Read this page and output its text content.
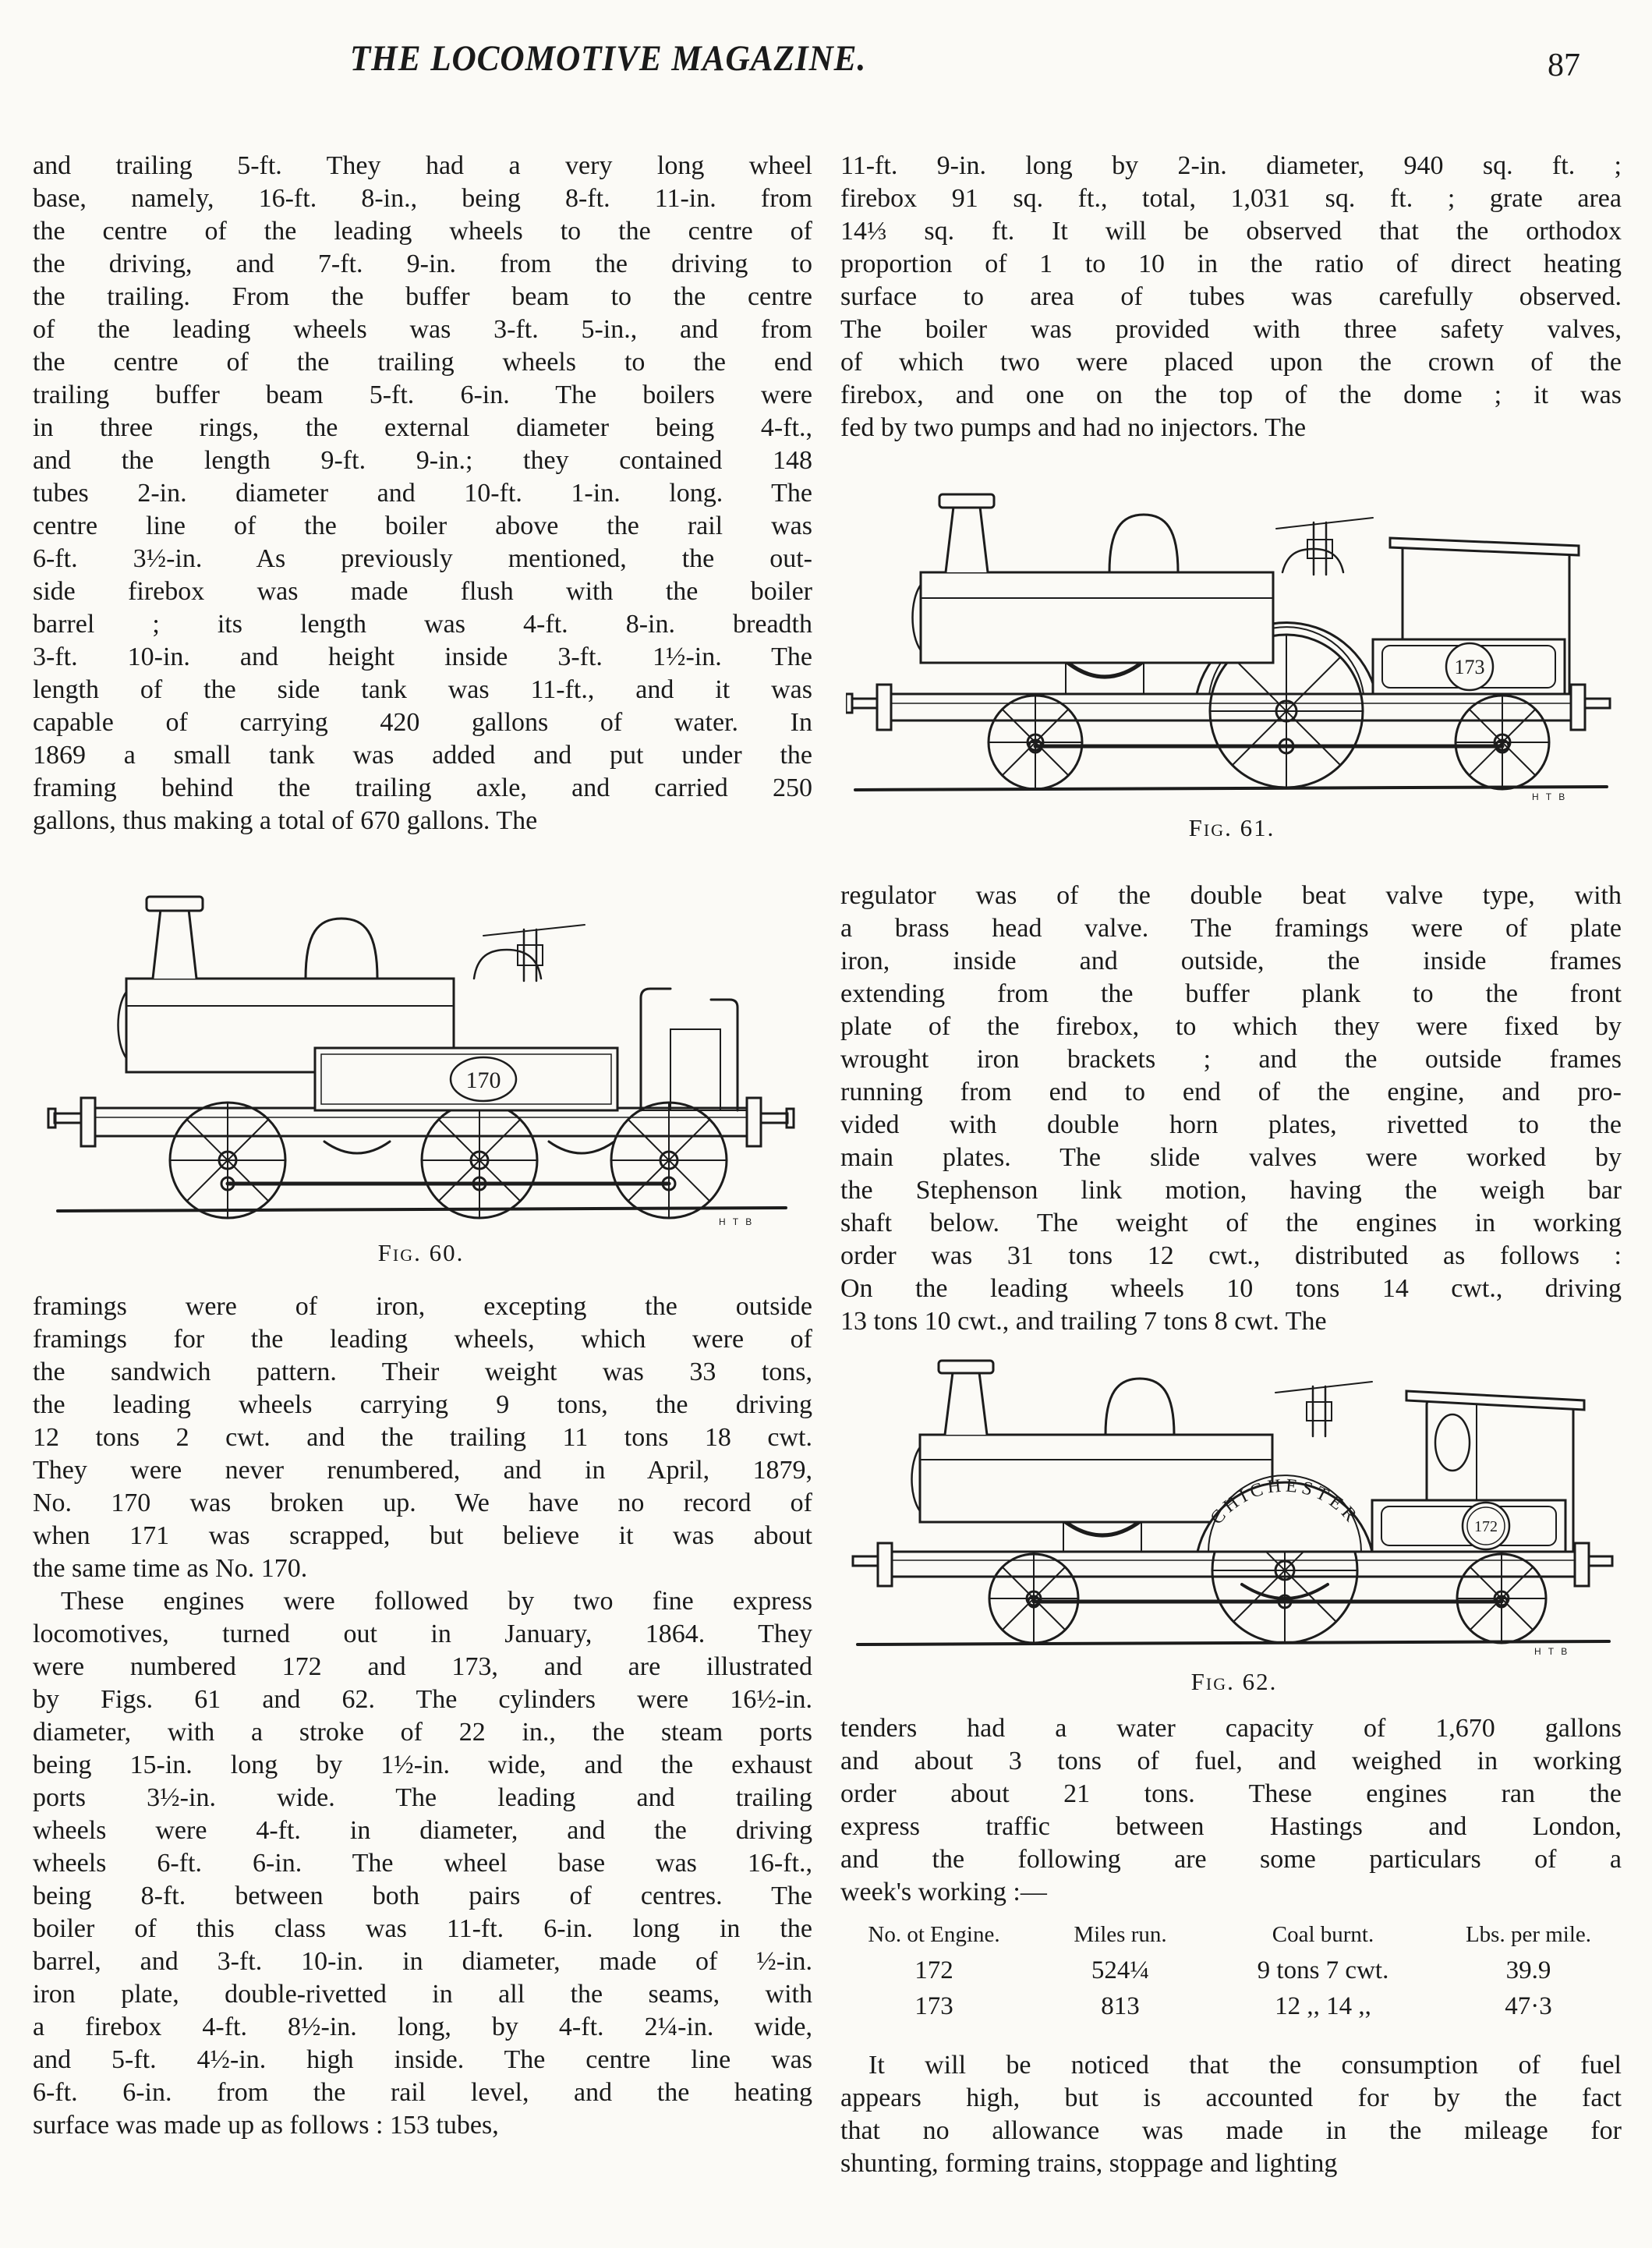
THE LOCOMOTIVE MAGAZINE.	87
and trailing 5-ft. They had a very long wheel
base, namely, 16-ft. 8-in., being 8-ft. 11-in. from
the centre of the leading wheels to the centre of
the driving, and 7-ft. 9-in. from the driving to
the trailing. From the buffer beam to the centre
of the leading wheels was 3-ft. 5-in., and from
the centre of the trailing wheels to the end
trailing buffer beam 5-ft. 6-in. The boilers were
in three rings, the external diameter being 4-ft.,
and the length 9-ft. 9-in.; they contained 148
tubes 2-in. diameter and 10-ft. 1-in. long. The
centre line of the boiler above the rail was
6-ft. 3½-in. As previously mentioned, the out-
side firebox was made flush with the boiler
barrel ; its length was 4-ft. 8-in. breadth
3-ft. 10-in. and height inside 3-ft. 1½-in. The
length of the side tank was 11-ft., and it was
capable of carrying 420 gallons of water. In
1869 a small tank was added and put under the
framing behind the trailing axle, and carried 250
gallons, thus making a total of 670 gallons. The
170
H T B
Fig. 60.
framings were of iron, excepting the outside
framings for the leading wheels, which were of
the sandwich pattern. Their weight was 33 tons,
the leading wheels carrying 9 tons, the driving
12 tons 2 cwt. and the trailing 11 tons 18 cwt.
They were never renumbered, and in April, 1879,
No. 170 was broken up. We have no record of
when 171 was scrapped, but believe it was about
the same time as No. 170.
These engines were followed by two fine express
locomotives, turned out in January, 1864. They
were numbered 172 and 173, and are illustrated
by Figs. 61 and 62. The cylinders were 16½-in.
diameter, with a stroke of 22 in., the steam ports
being 15-in. long by 1½-in. wide, and the exhaust
ports 3½-in. wide. The leading and trailing
wheels were 4-ft. in diameter, and the driving
wheels 6-ft. 6-in. The wheel base was 16-ft.,
being 8-ft. between both pairs of centres. The
boiler of this class was 11-ft. 6-in. long in the
barrel, and 3-ft. 10-in. in diameter, made of ½-in.
iron plate, double-rivetted in all the seams, with
a firebox 4-ft. 8½-in. long, by 4-ft. 2¼-in. wide,
and 5-ft. 4½-in. high inside. The centre line was
6-ft. 6-in. from the rail level, and the heating
surface was made up as follows : 153 tubes,
11-ft. 9-in. long by 2-in. diameter, 940 sq. ft. ;
firebox 91 sq. ft., total, 1,031 sq. ft. ; grate area
14⅓ sq. ft. It will be observed that the orthodox
proportion of 1 to 10 in the ratio of direct heating
surface to area of tubes was carefully observed.
The boiler was provided with three safety valves,
of which two were placed upon the crown of the
firebox, and one on the top of the dome ; it was
fed by two pumps and had no injectors. The
173
H T B
Fig. 61.
regulator was of the double beat valve type, with
a brass head valve. The framings were of plate
iron, inside and outside, the inside frames
extending from the buffer plank to the front
plate of the firebox, to which they were fixed by
wrought iron brackets ; and the outside frames
running from end to end of the engine, and pro-
vided with double horn plates, rivetted to the
main plates. The slide valves were worked by
the Stephenson link motion, having the weigh bar
shaft below. The weight of the engines in working
order was 31 tons 12 cwt., distributed as follows :
On the leading wheels 10 tons 14 cwt., driving
13 tons 10 cwt., and trailing 7 tons 8 cwt. The
CHICHESTER	172
H T B
Fig. 62.
tenders had a water capacity of 1,670 gallons
and about 3 tons of fuel, and weighed in working
order about 21 tons. These engines ran the
express traffic between Hastings and London,
and the following are some particulars of a
week's working :—
No. ot Engine.	Miles run.	Coal burnt.	Lbs. per mile.
172	524¼	9 tons 7 cwt.	39.9
173	813	12 ,, 14 ,,	47·3
It will be noticed that the consumption of fuel
appears high, but is accounted for by the fact
that no allowance was made in the mileage for
shunting, forming trains, stoppage and lighting
